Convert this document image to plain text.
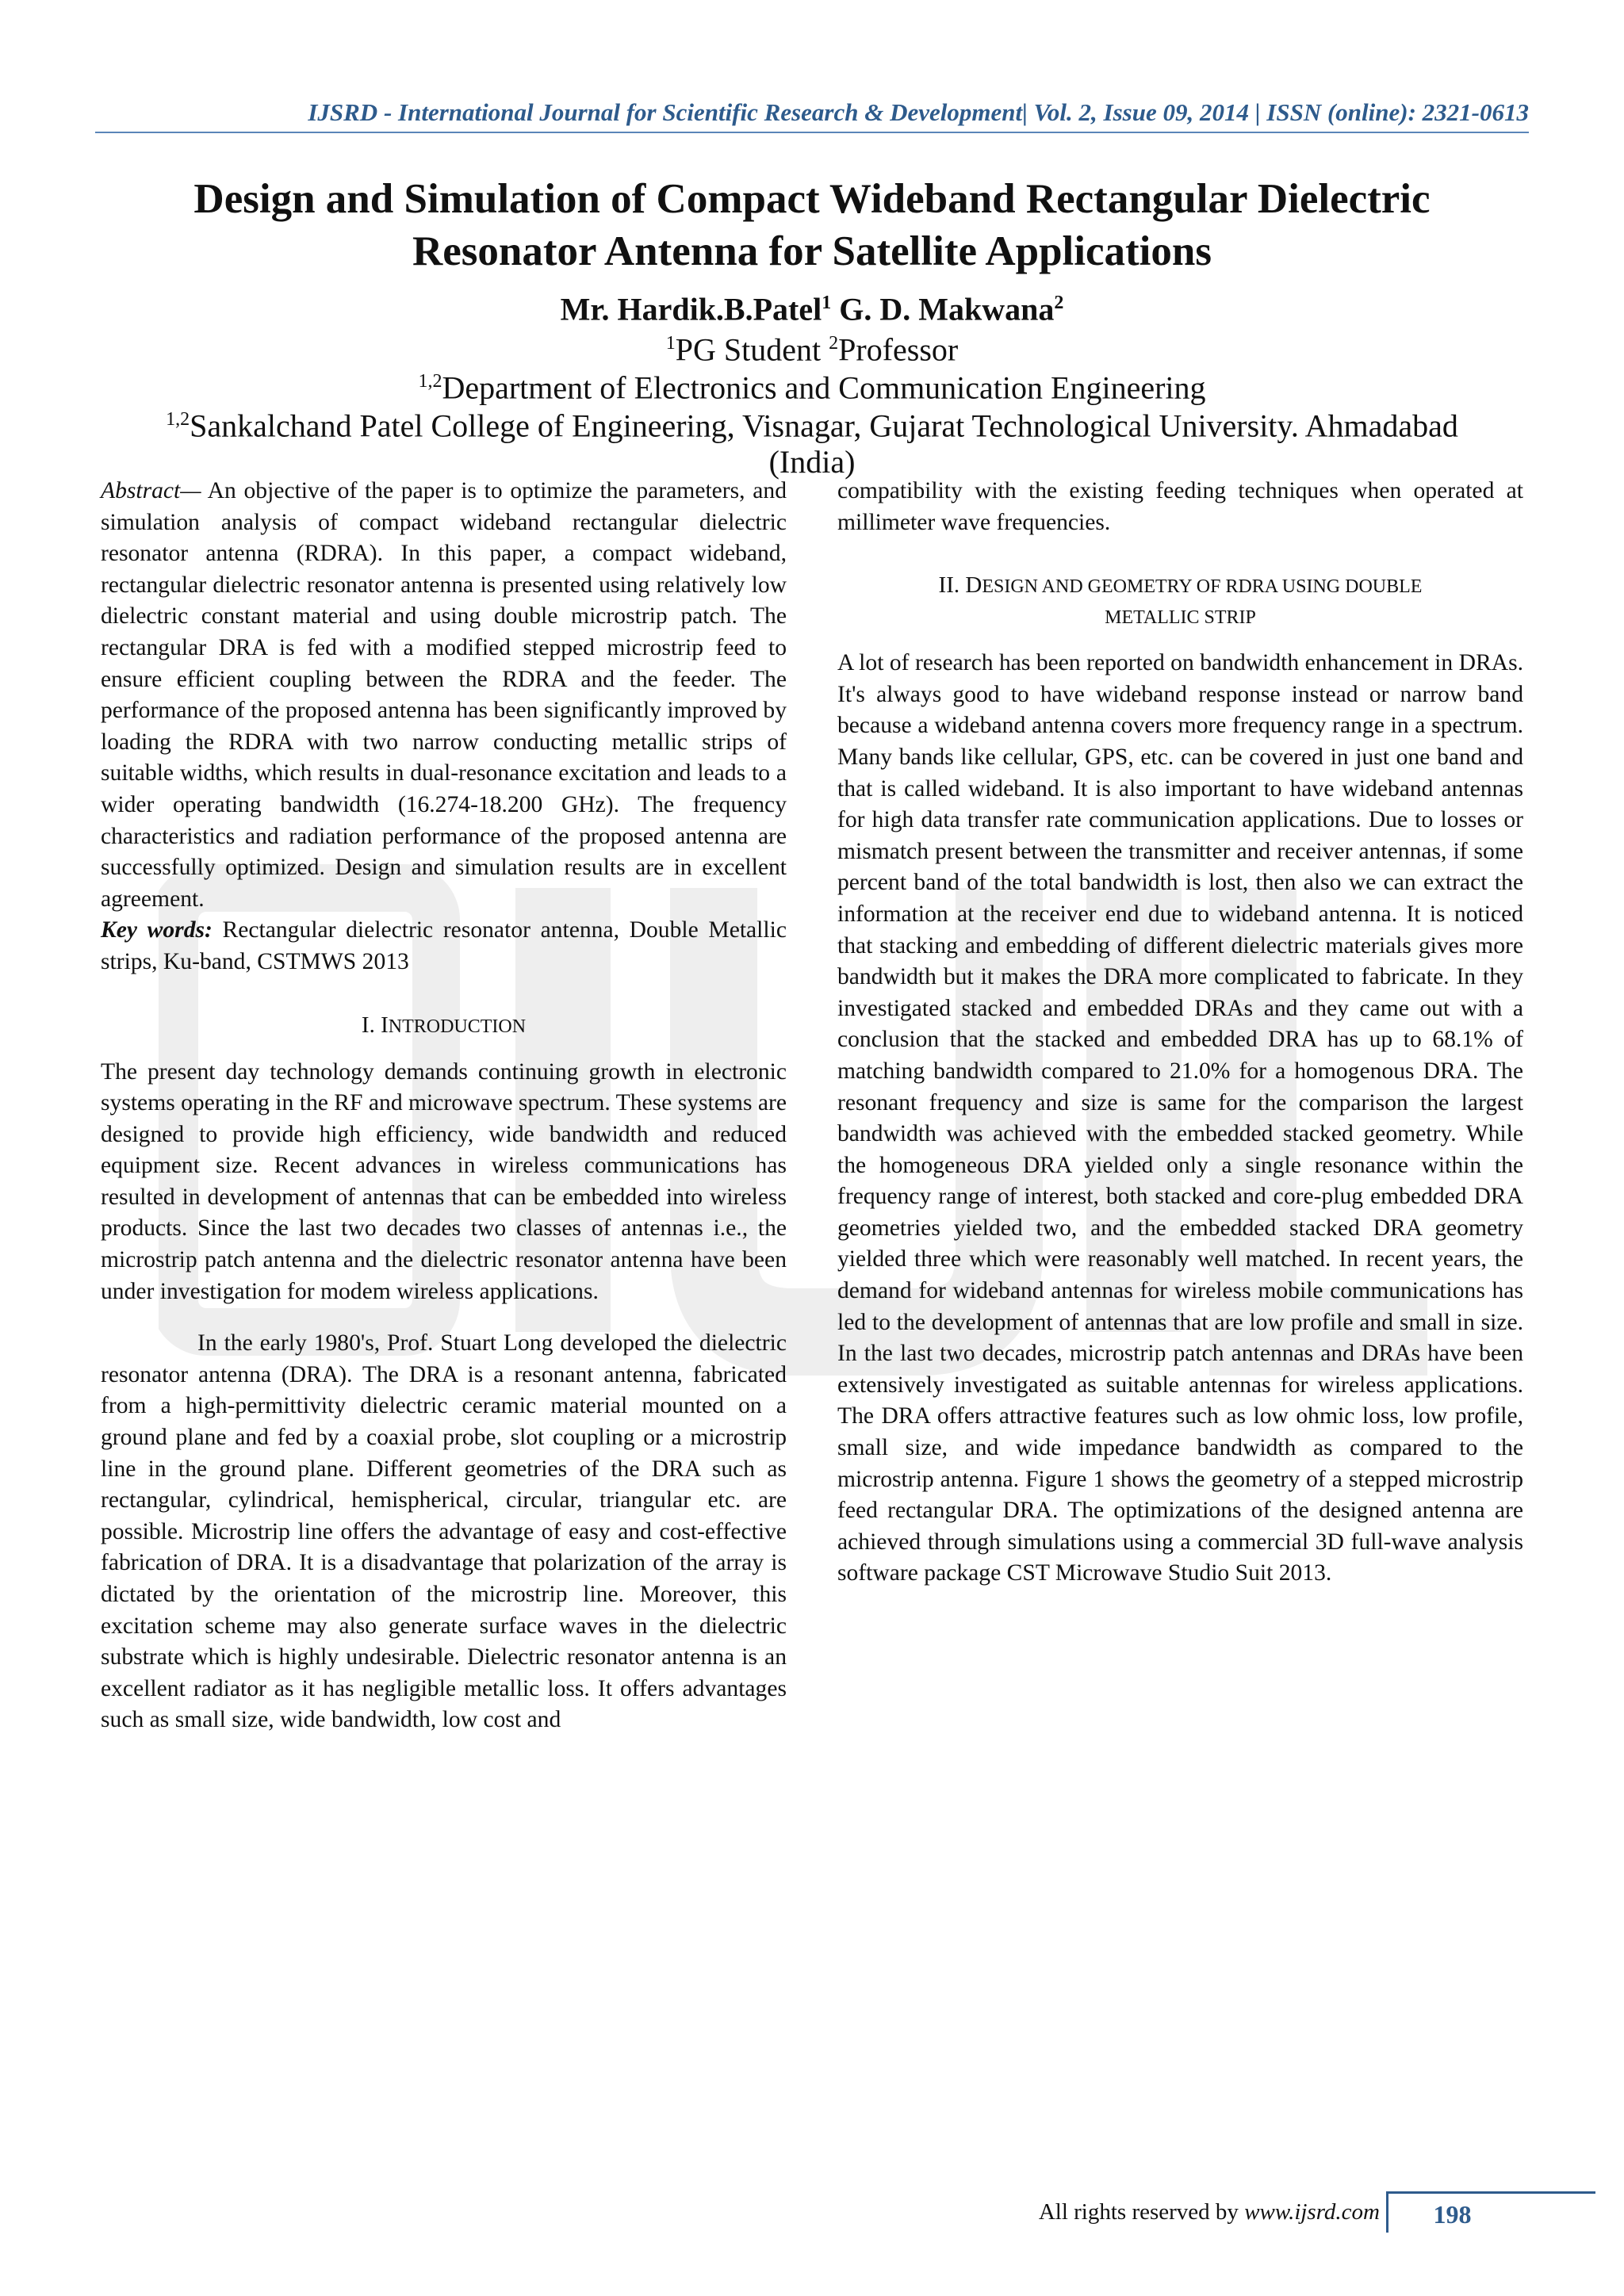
IJSRD - International Journal for Scientific Research & Development| Vol. 2, Issue 09, 2014 | ISSN (online): 2321-0613
Design and Simulation of Compact Wideband Rectangular Dielectric
Resonator Antenna for Satellite Applications
Mr. Hardik.B.Patel$^1$ G. D. Makwana$^2$
$^1$PG Student $^2$Professor
$^{1,2}$Department of Electronics and Communication Engineering
$^{1,2}$Sankalchand Patel College of Engineering, Visnagar, Gujarat Technological University. Ahmadabad
(India)

Abstract— An objective of the paper is to optimize the parameters, and simulation analysis of compact wideband rectangular dielectric resonator antenna (RDRA). In this paper, a compact wideband, rectangular dielectric resonator antenna is presented using relatively low dielectric constant material and using double microstrip patch. The rectangular DRA is fed with a modified stepped microstrip feed to ensure efficient coupling between the RDRA and the feeder. The performance of the proposed antenna has been significantly improved by loading the RDRA with two narrow conducting metallic strips of suitable widths, which results in dual-resonance excitation and leads to a wider operating bandwidth (16.274-18.200 GHz). The frequency characteristics and radiation performance of the proposed antenna are successfully optimized. Design and simulation results are in excellent agreement.

Key words: Rectangular dielectric resonator antenna, Double Metallic strips, Ku-band, CSTMWS 2013

I. INTRODUCTION

The present day technology demands continuing growth in electronic systems operating in the RF and microwave spectrum. These systems are designed to provide high efficiency, wide bandwidth and reduced equipment size. Recent advances in wireless communications has resulted in development of antennas that can be embedded into wireless products. Since the last two decades two classes of antennas i.e., the microstrip patch antenna and the dielectric resonator antenna have been under investigation for modem wireless applications.

In the early 1980's, Prof. Stuart Long developed the dielectric resonator antenna (DRA). The DRA is a resonant antenna, fabricated from a high-permittivity dielectric ceramic material mounted on a ground plane and fed by a coaxial probe, slot coupling or a microstrip line in the ground plane. Different geometries of the DRA such as rectangular, cylindrical, hemispherical, circular, triangular etc. are possible. Microstrip line offers the advantage of easy and cost-effective fabrication of DRA. It is a disadvantage that polarization of the array is dictated by the orientation of the microstrip line. Moreover, this excitation scheme may also generate surface waves in the dielectric substrate which is highly undesirable. Dielectric resonator antenna is an excellent radiator as it has negligible metallic loss. It offers advantages such as small size, wide bandwidth, low cost and

compatibility with the existing feeding techniques when operated at millimeter wave frequencies.

II. DESIGN AND GEOMETRY OF RDRA USING DOUBLE
METALLIC STRIP

A lot of research has been reported on bandwidth enhancement in DRAs. It's always good to have wideband response instead or narrow band because a wideband antenna covers more frequency range in a spectrum. Many bands like cellular, GPS, etc. can be covered in just one band and that is called wideband. It is also important to have wideband antennas for high data transfer rate communication applications. Due to losses or mismatch present between the transmitter and receiver antennas, if some percent band of the total bandwidth is lost, then also we can extract the information at the receiver end due to wideband antenna. It is noticed that stacking and embedding of different dielectric materials gives more bandwidth but it makes the DRA more complicated to fabricate. In they investigated stacked and embedded DRAs and they came out with a conclusion that the stacked and embedded DRA has up to 68.1% of matching bandwidth compared to 21.0% for a homogenous DRA. The resonant frequency and size is same for the comparison the largest bandwidth was achieved with the embedded stacked geometry. While the homogeneous DRA yielded only a single resonance within the frequency range of interest, both stacked and core-plug embedded DRA geometries yielded two, and the embedded stacked DRA geometry yielded three which were reasonably well matched. In recent years, the demand for wideband antennas for wireless mobile communications has led to the development of antennas that are low profile and small in size. In the last two decades, microstrip patch antennas and DRAs have been extensively investigated as suitable antennas for wireless applications. The DRA offers attractive features such as low ohmic loss, low profile, small size, and wide impedance bandwidth as compared to the microstrip antenna. Figure 1 shows the geometry of a stepped microstrip feed rectangular DRA. The optimizations of the designed antenna are achieved through simulations using a commercial 3D full-wave analysis software package CST Microwave Studio Suit 2013.

All rights reserved by www.ijsrd.com	198
